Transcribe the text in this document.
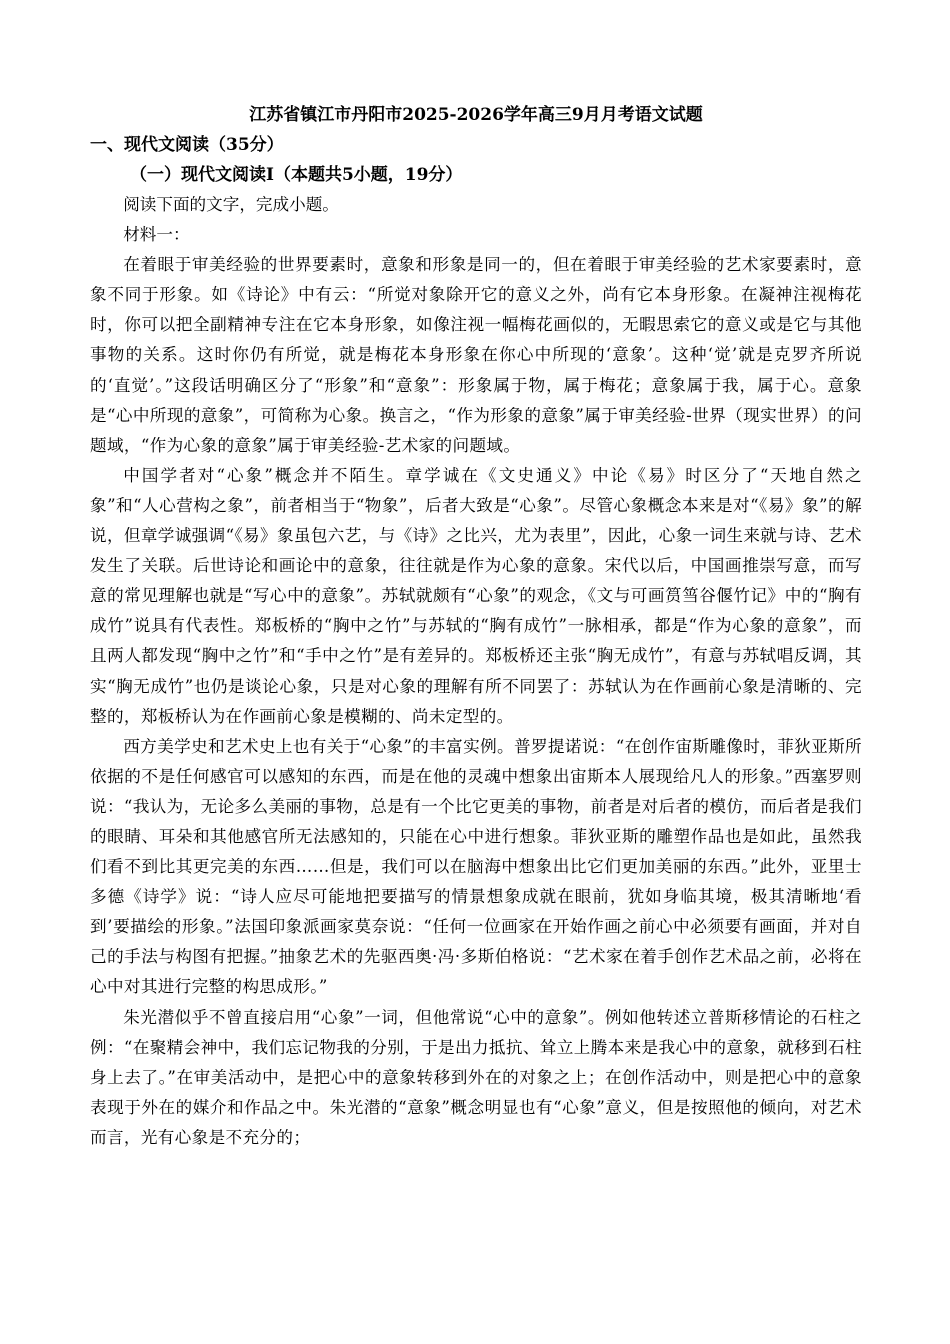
江苏省镇江市丹阳市2025-2026学年高三9月月考语文试题
一、现代文阅读（35分）
（一）现代文阅读Ⅰ（本题共5小题，19分）

阅读下面的文字，完成小题。

材料一：

在着眼于审美经验的世界要素时，意象和形象是同一的，但在着眼于审美经验的艺术家要素时，意象不同于形象。如《诗论》中有云：“所觉对象除开它的意义之外，尚有它本身形象。在凝神注视梅花时，你可以把全副精神专注在它本身形象，如像注视一幅梅花画似的，无暇思索它的意义或是它与其他事物的关系。这时你仍有所觉，就是梅花本身形象在你心中所现的‘意象’。这种‘觉’就是克罗齐所说的‘直觉’。”这段话明确区分了“形象”和“意象”：形象属于物，属于梅花；意象属于我，属于心。意象是“心中所现的意象”，可简称为心象。换言之，“作为形象的意象”属于审美经验-世界（现实世界）的问题域，“作为心象的意象”属于审美经验-艺术家的问题域。

中国学者对“心象”概念并不陌生。章学诚在《文史通义》中论《易》时区分了“天地自然之象”和“人心营构之象”，前者相当于“物象”，后者大致是“心象”。尽管心象概念本来是对“《易》象”的解说，但章学诚强调“《易》象虽包六艺，与《诗》之比兴，尤为表里”，因此，心象一词生来就与诗、艺术发生了关联。后世诗论和画论中的意象，往往就是作为心象的意象。宋代以后，中国画推崇写意，而写意的常见理解也就是“写心中的意象”。苏轼就颇有“心象”的观念，《文与可画筼筜谷偃竹记》中的“胸有成竹”说具有代表性。郑板桥的“胸中之竹”与苏轼的“胸有成竹”一脉相承，都是“作为心象的意象”，而且两人都发现“胸中之竹”和“手中之竹”是有差异的。郑板桥还主张“胸无成竹”，有意与苏轼唱反调，其实“胸无成竹”也仍是谈论心象，只是对心象的理解有所不同罢了：苏轼认为在作画前心象是清晰的、完整的，郑板桥认为在作画前心象是模糊的、尚未定型的。

西方美学史和艺术史上也有关于“心象”的丰富实例。普罗提诺说：“在创作宙斯雕像时，菲狄亚斯所依据的不是任何感官可以感知的东西，而是在他的灵魂中想象出宙斯本人展现给凡人的形象。”西塞罗则说：“我认为，无论多么美丽的事物，总是有一个比它更美的事物，前者是对后者的模仿，而后者是我们的眼睛、耳朵和其他感官所无法感知的，只能在心中进行想象。菲狄亚斯的雕塑作品也是如此，虽然我们看不到比其更完美的东西……但是，我们可以在脑海中想象出比它们更加美丽的东西。”此外，亚里士多德《诗学》说：“诗人应尽可能地把要描写的情景想象成就在眼前，犹如身临其境，极其清晰地‘看到’要描绘的形象。”法国印象派画家莫奈说：“任何一位画家在开始作画之前心中必须要有画面，并对自己的手法与构图有把握。”抽象艺术的先驱西奥·冯·多斯伯格说：“艺术家在着手创作艺术品之前，必将在心中对其进行完整的构思成形。”

朱光潜似乎不曾直接启用“心象”一词，但他常说“心中的意象”。例如他转述立普斯移情论的石柱之例：“在聚精会神中，我们忘记物我的分别，于是出力抵抗、耸立上腾本来是我心中的意象，就移到石柱身上去了。”在审美活动中，是把心中的意象转移到外在的对象之上；在创作活动中，则是把心中的意象表现于外在的媒介和作品之中。朱光潜的“意象”概念明显也有“心象”意义，但是按照他的倾向，对艺术而言，光有心象是不充分的；
